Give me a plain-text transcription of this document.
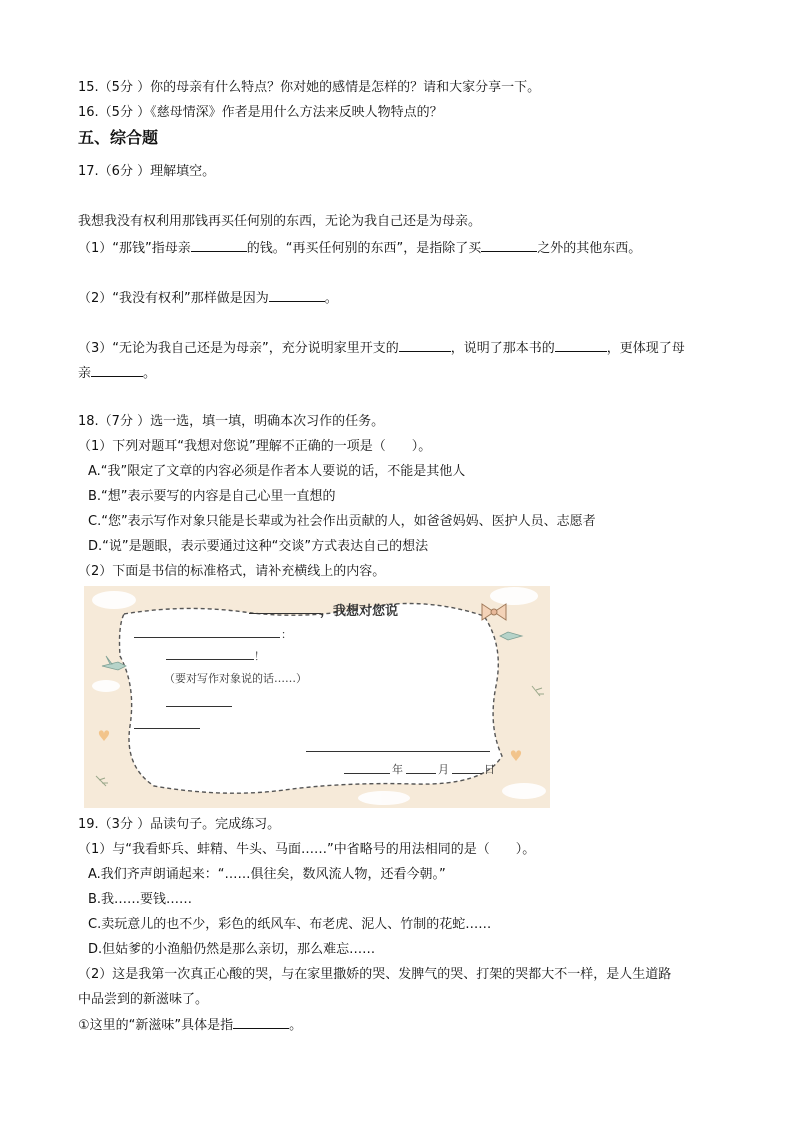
15.（5分 ）你的母亲有什么特点？你对她的感情是怎样的？请和大家分享一下。
16.（5分 ）《慈母情深》作者是用什么方法来反映人物特点的？
五、综合题
17.（6分 ）理解填空。
我想我没有权利用那钱再买任何别的东西，无论为我自己还是为母亲。
（1）“那钱”指母亲	的钱。“再买任何别的东西”，是指除了买	之外的其他东西。
（2）“我没有权利”那样做是因为	。
（3）“无论为我自己还是为母亲”，充分说明家里开支的	，说明了那本书的	，更体现了母
亲	。
18.（7分 ）选一选，填一填，明确本次习作的任务。
（1）下列对题耳“我想对您说”理解不正确的一项是（　　）。
A.“我”限定了文章的内容必须是作者本人要说的话，不能是其他人
B.“想”表示要写的内容是自己心里一直想的
C.“您”表示写作对象只能是长辈或为社会作出贡献的人，如爸爸妈妈、医护人员、志愿者
D.“说”是题眼，表示要通过这种“交谈”方式表达自己的想法
（2）下面是书信的标准格式，请补充横线上的内容。
，我想对您说
：
！
（要对写作对象说的话……）
年	月	日
19.（3分 ）品读句子。完成练习。
（1）与“我看虾兵、蚌精、牛头、马面……”中省略号的用法相同的是（　　）。
A.我们齐声朗诵起来：“……俱往矣，数风流人物，还看今朝。”
B.我……要钱……
C.卖玩意儿的也不少，彩色的纸风车、布老虎、泥人、竹制的花蛇……
D.但姑爹的小渔船仍然是那么亲切，那么难忘……
（2）这是我第一次真正心酸的哭，与在家里撒娇的哭、发脾气的哭、打架的哭都大不一样，是人生道路
中品尝到的新滋味了。
①这里的“新滋味”具体是指	。
